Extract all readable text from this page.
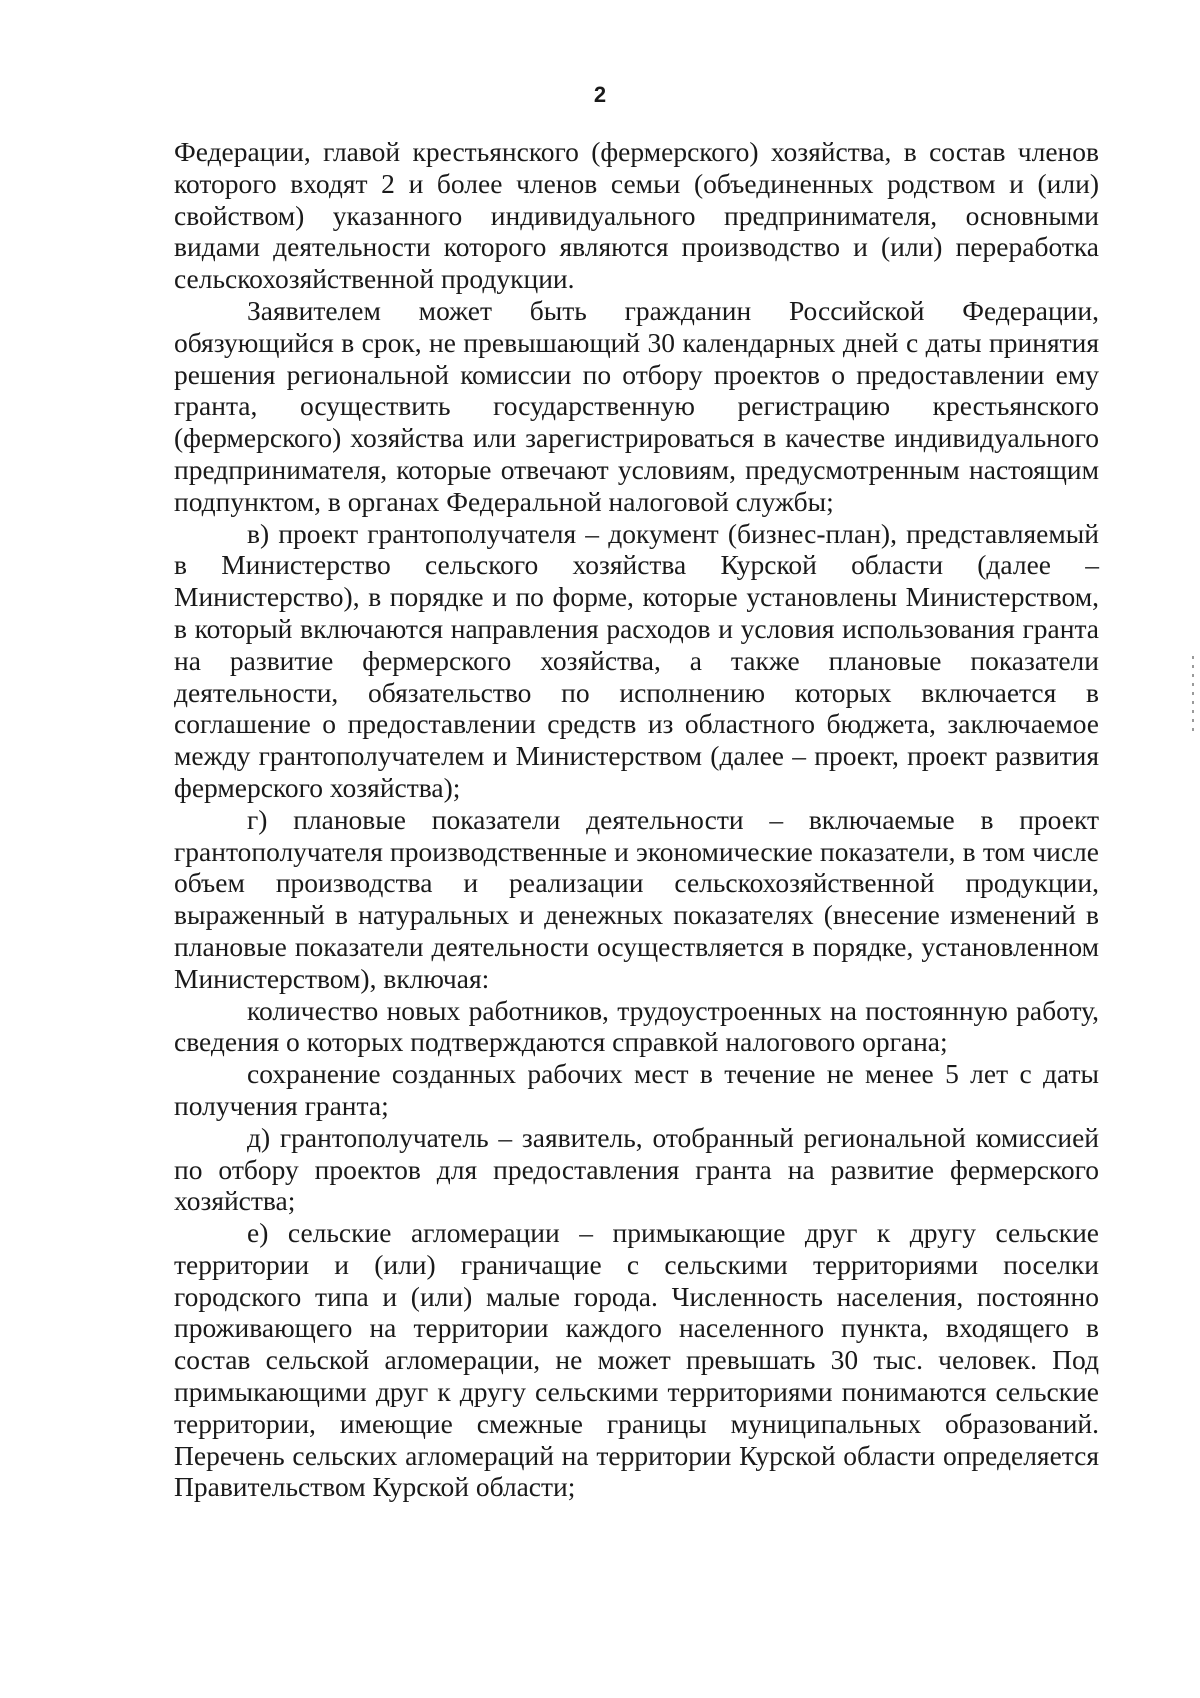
2

Федерации, главой крестьянского (фермерского) хозяйства, в состав членов которого входят 2 и более членов семьи (объединенных родством и (или) свойством) указанного индивидуального предпринимателя, основными видами деятельности которого являются производство и (или) переработка сельскохозяйственной продукции.

Заявителем может быть гражданин Российской Федерации, обязующийся в срок, не превышающий 30 календарных дней с даты принятия решения региональной комиссии по отбору проектов о предоставлении ему гранта, осуществить государственную регистрацию крестьянского (фермерского) хозяйства или зарегистрироваться в качестве индивидуального предпринимателя, которые отвечают условиям, предусмотренным настоящим подпунктом, в органах Федеральной налоговой службы;

в) проект грантополучателя – документ (бизнес-план), представляемый в Министерство сельского хозяйства Курской области (далее – Министерство), в порядке и по форме, которые установлены Министерством, в который включаются направления расходов и условия использования гранта на развитие фермерского хозяйства, а также плановые показатели деятельности, обязательство по исполнению которых включается в соглашение о предоставлении средств из областного бюджета, заключаемое между грантополучателем и Министерством (далее – проект, проект развития фермерского хозяйства);

г) плановые показатели деятельности – включаемые в проект грантополучателя производственные и экономические показатели, в том числе объем производства и реализации сельскохозяйственной продукции, выраженный в натуральных и денежных показателях (внесение изменений в плановые показатели деятельности осуществляется в порядке, установленном Министерством), включая:

количество новых работников, трудоустроенных на постоянную работу, сведения о которых подтверждаются справкой налогового органа;

сохранение созданных рабочих мест в течение не менее 5 лет с даты получения гранта;

д) грантополучатель – заявитель, отобранный региональной комиссией по отбору проектов для предоставления гранта на развитие фермерского хозяйства;

е) сельские агломерации – примыкающие друг к другу сельские территории и (или) граничащие с сельскими территориями поселки городского типа и (или) малые города. Численность населения, постоянно проживающего на территории каждого населенного пункта, входящего в состав сельской агломерации, не может превышать 30 тыс. человек. Под примыкающими друг к другу сельскими территориями понимаются сельские территории, имеющие смежные границы муниципальных образований. Перечень сельских агломераций на территории Курской области определяется Правительством Курской области;
